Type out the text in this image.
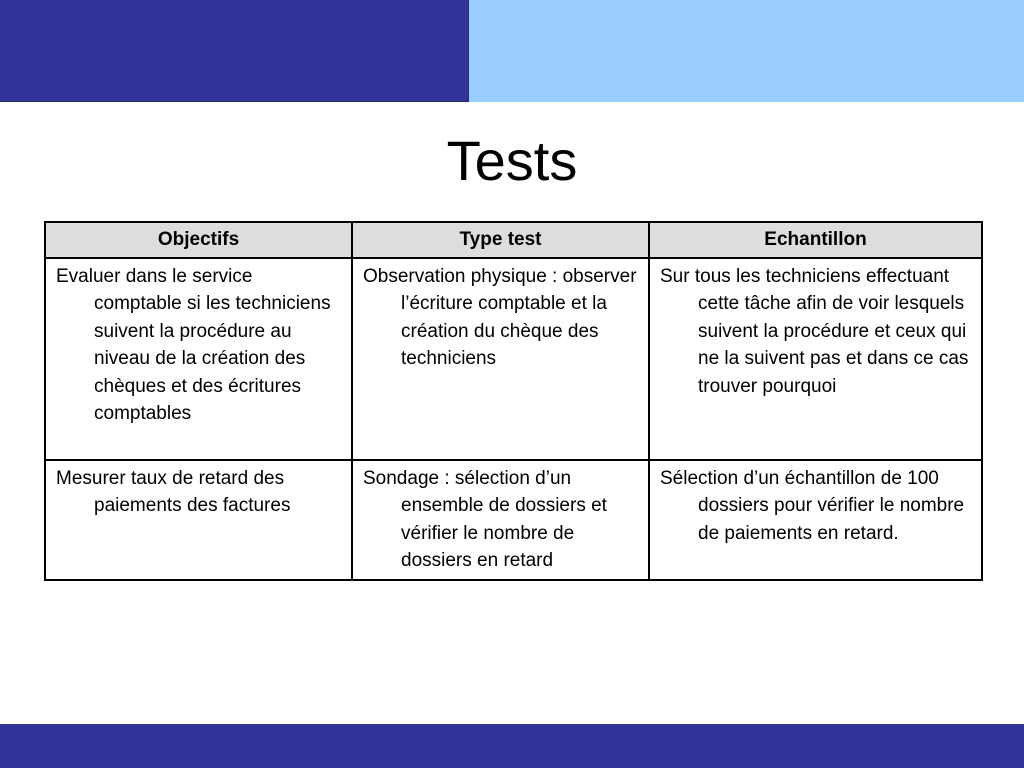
Tests
Objectifs	Type test	Echantillon

Evaluer dans le service comptable si les techniciens suivent la procédure au niveau de la création des chèques et des écritures comptables	Observation physique : observer l’écriture comptable et la création du chèque des techniciens	Sur tous les techniciens effectuant cette tâche afin de voir lesquels suivent la procédure et ceux qui ne la suivent pas et dans ce cas trouver pourquoi

Mesurer taux de retard des paiements des factures	Sondage : sélection d’un ensemble de dossiers et vérifier le nombre de dossiers en retard	Sélection d’un échantillon de 100 dossiers pour vérifier le nombre de paiements en retard.
